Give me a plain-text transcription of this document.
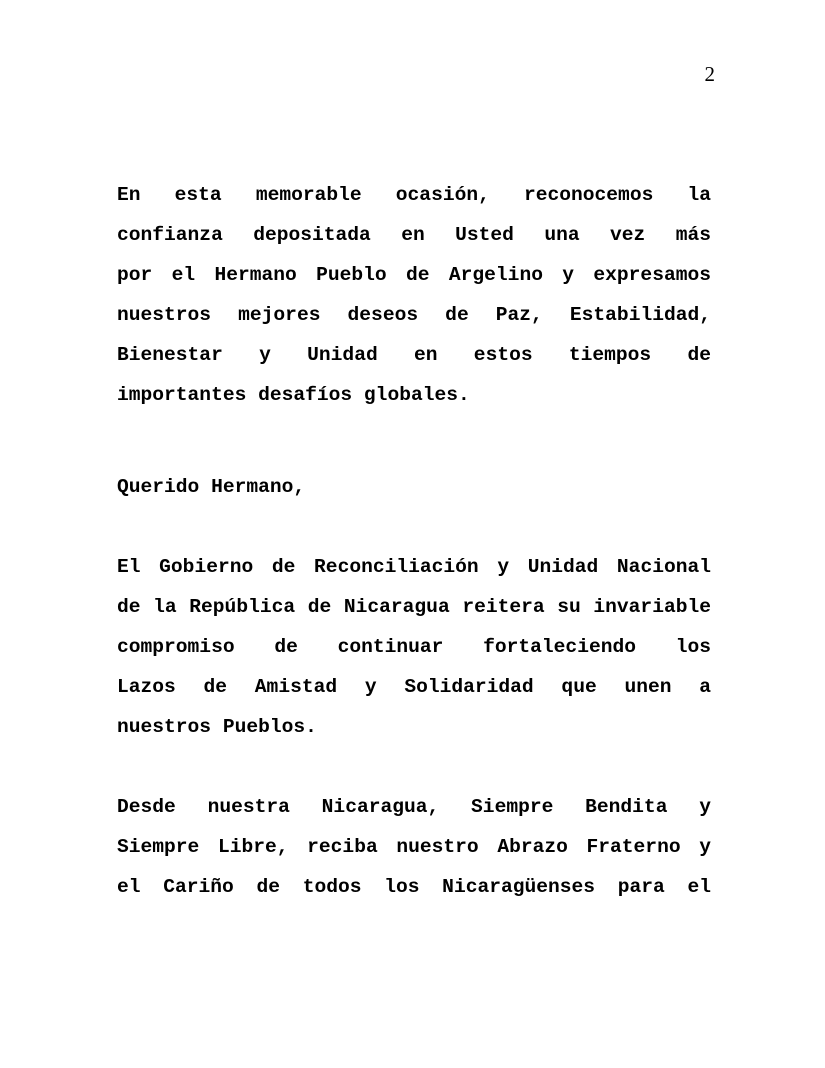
2

En esta memorable ocasión, reconocemos la
confianza depositada en Usted una vez más
por el Hermano Pueblo de Argelino y expresamos
nuestros mejores deseos de Paz, Estabilidad,
Bienestar y Unidad en estos tiempos de
importantes desafíos globales.

Querido Hermano,

El Gobierno de Reconciliación y Unidad Nacional
de la República de Nicaragua reitera su invariable
compromiso de continuar fortaleciendo los
Lazos de Amistad y Solidaridad que unen a
nuestros Pueblos.

Desde nuestra Nicaragua, Siempre Bendita y
Siempre Libre, reciba nuestro Abrazo Fraterno y
el Cariño de todos los Nicaragüenses para el
